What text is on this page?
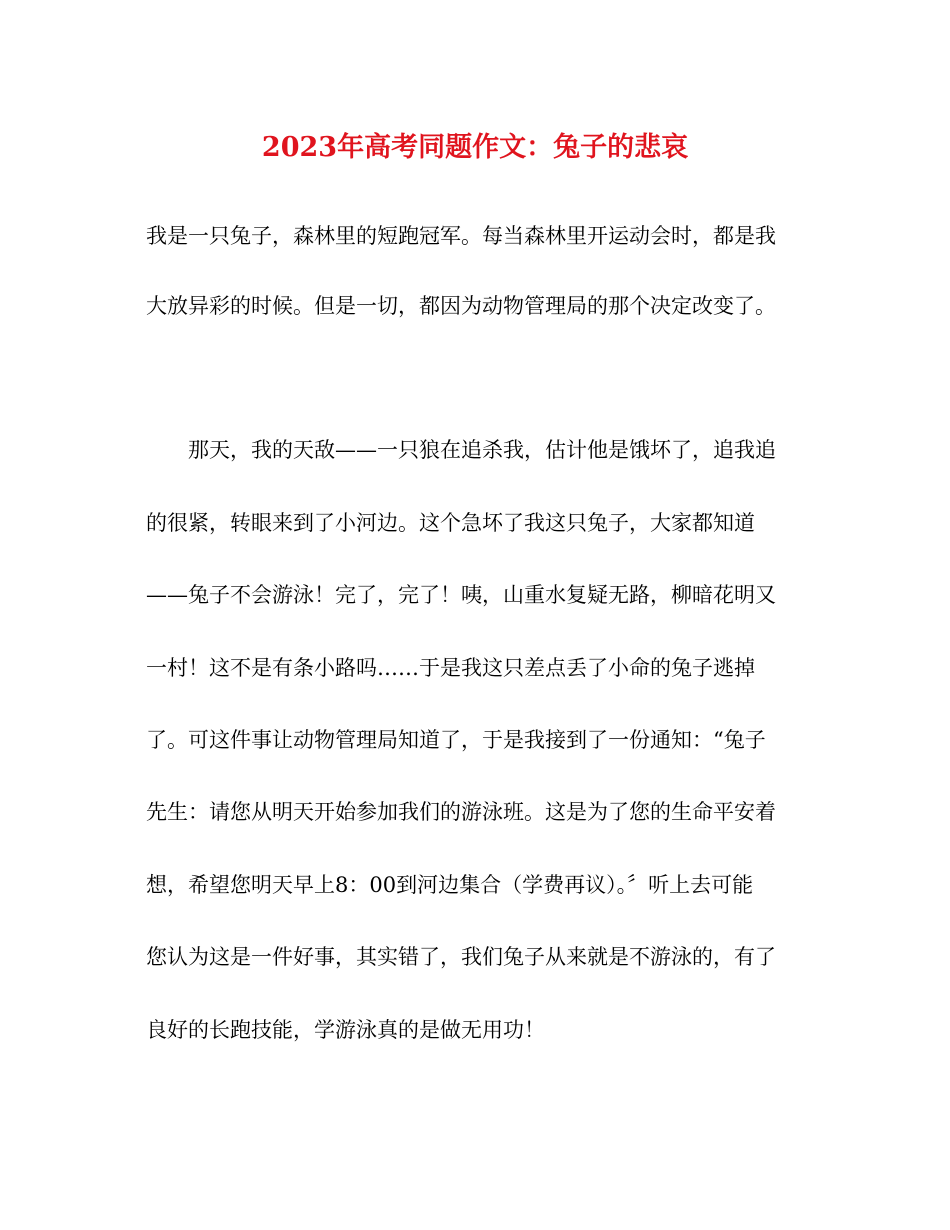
2023年高考同题作文：兔子的悲哀

我是一只兔子，森林里的短跑冠军。每当森林里开运动会时，都是我

大放异彩的时候。但是一切，都因为动物管理局的那个决定改变了。

　　那天，我的天敌——一只狼在追杀我，估计他是饿坏了，追我追

的很紧，转眼来到了小河边。这个急坏了我这只兔子，大家都知道

——兔子不会游泳！完了，完了！咦，山重水复疑无路，柳暗花明又

一村！这不是有条小路吗……于是我这只差点丢了小命的兔子逃掉

了。可这件事让动物管理局知道了，于是我接到了一份通知：“兔子

先生：请您从明天开始参加我们的游泳班。这是为了您的生命平安着

想，希望您明天早上8：00到河边集合（学费再议）。〞听上去可能

您认为这是一件好事，其实错了，我们兔子从来就是不游泳的，有了

良好的长跑技能，学游泳真的是做无用功！
